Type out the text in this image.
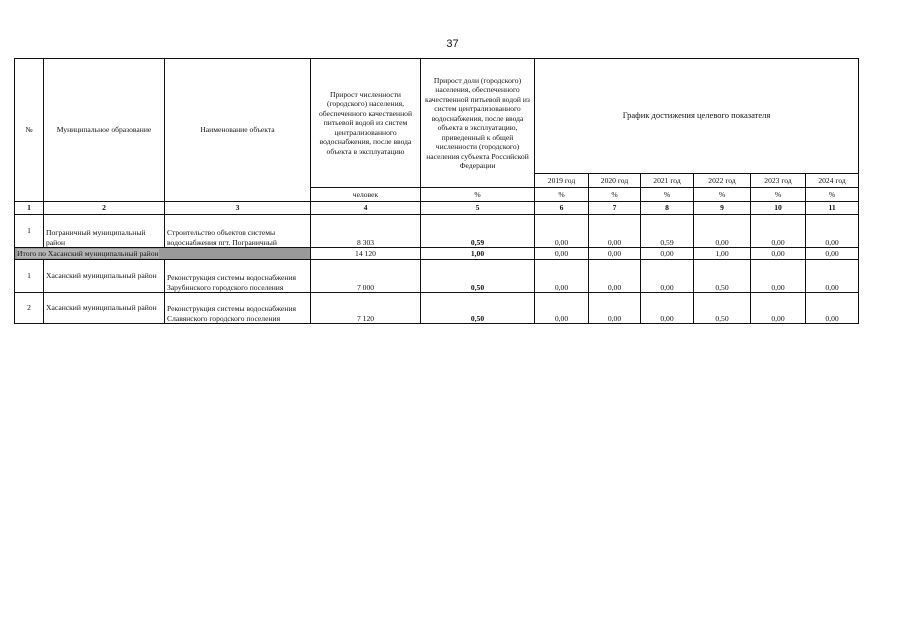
37
№	Муниципальное образование	Наименование объекта	Прирост численности (городского) населения, обеспеченного качественной питьевой водой из систем централизованного водоснабжения, после ввода объекта в эксплуатацию	Прирост доли (городского) населения, обеспеченного качественной питьевой водой из систем централизованного водоснабжения, после ввода объекта в эксплуатацию, приведенный к общей численности (городского) населения субъекта Российской Федерации	График достижения целевого показателя					
					2019 год	2020 год	2021 год	2022 год	2023 год	2024 год
			человек	%	%	%	%	%	%	%
1	2	3	4	5	6	7	8	9	10	11
1	Пограничный муниципальный район	Строительство объектов системы водоснабжения пгт. Пограничный	8 303	0,59	0,00	0,00	0,59	0,00	0,00	0,00
Итого по Хасанский муниципальный район			14 120	1,00	0,00	0,00	0,00	1,00	0,00	0,00
1	Хасанский муниципальный район	Реконструкция системы водоснабжения Зарубинского городского поселения	7 000	0,50	0,00	0,00	0,00	0,50	0,00	0,00
2	Хасанский муниципальный район	Реконструкция системы водоснабжения Славянского городского поселения	7 120	0,50	0,00	0,00	0,00	0,50	0,00	0,00
